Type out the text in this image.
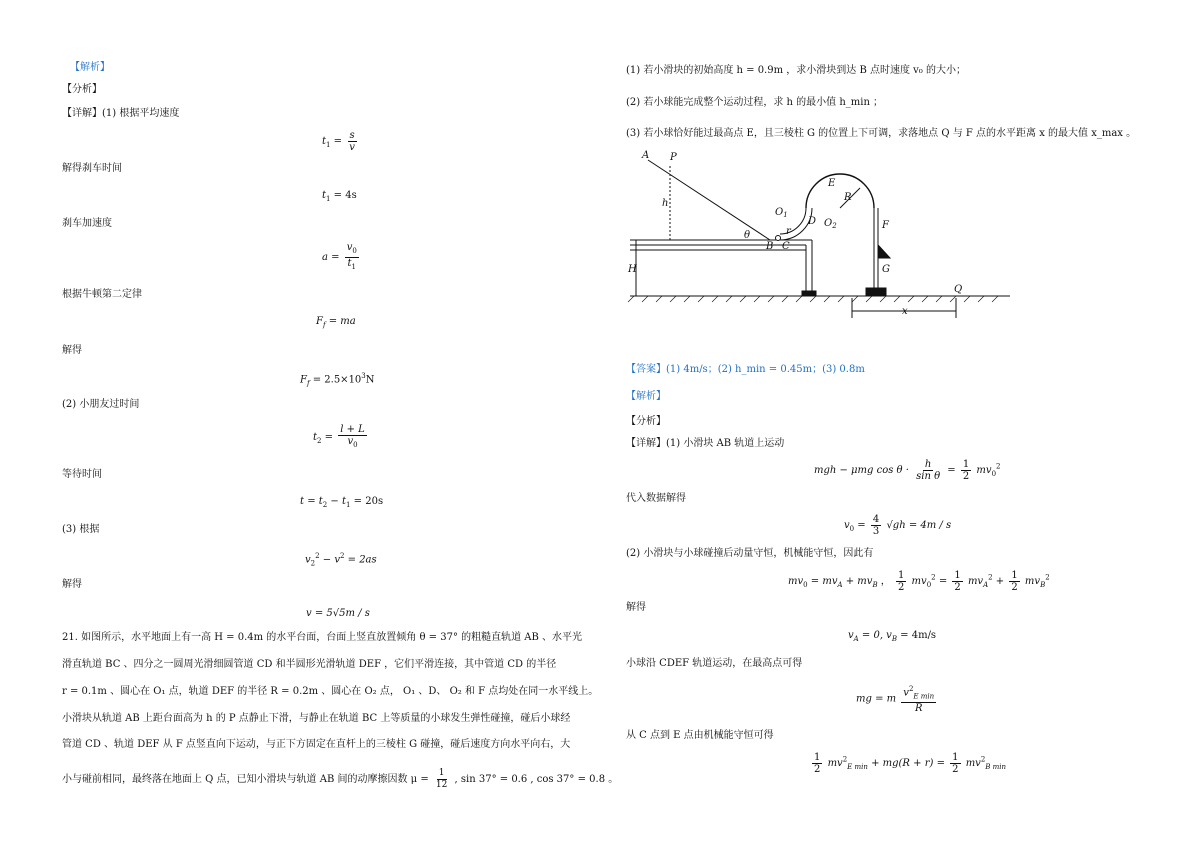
【解析】
【分析】
【详解】(1) 根据平均速度
$t_1 = \frac{s}{v}$
解得刹车时间
$t_1 = 4s$
刹车加速度
$a = \frac{v_0}{t_1}$
根据牛顿第二定律
$F_f$ = ma
解得
$F_f = 2.5\times 10^3N$
(2) 小朋友过时间
$t_2 = \frac{l + L}{v_0}$
等待时间
$t = t_2 - t_1 = 20s$
(3) 根据
$v_2^2 - v^2 = 2as$
解得
v = 5√5m / s
21. 如图所示，水平地面上有一高 H = 0.4m 的水平台面，台面上竖直放置倾角 θ = 37° 的粗糙直轨道 AB 、水平光
滑直轨道 BC 、四分之一圆周光滑细圆管道 CD 和半圆形光滑轨道 DEF ，它们平滑连接，其中管道 CD 的半径
r = 0.1m 、圆心在 O₁ 点，轨道 DEF 的半径 R = 0.2m 、圆心在 O₂ 点， O₁ 、D、 O₂ 和 F 点均处在同一水平线上。
小滑块从轨道 AB 上距台面高为 h 的 P 点静止下滑，与静止在轨道 BC 上等质量的小球发生弹性碰撞，碰后小球经
管道 CD 、轨道 DEF 从 F 点竖直向下运动，与正下方固定在直杆上的三棱柱 G 碰撞，碰后速度方向水平向右，大
小与碰前相同，最终落在地面上 Q 点，已知小滑块与轨道 AB 间的动摩擦因数 $\mu = \frac{1}{12}$ , sin 37° = 0.6 , cos 37° = 0.8 。
(1) 若小滑块的初始高度 h = 0.9m ，求小滑块到达 B 点时速度 v₀ 的大小；
(2) 若小球能完成整个运动过程，求 h 的最小值 h_min ；
(3) 若小球恰好能过最高点 E，且三棱柱 G 的位置上下可调，求落地点 Q 与 F 点的水平距离 x 的最大值 x_max 。
A P
h
H
θ
B C
$O_1$
r
D
E
R
$O_2$	F
G
Q
x
【答案】(1) 4m/s；(2) h_min = 0.45m；(3) 0.8m
【解析】
【分析】
【详解】(1) 小滑块 AB 轨道上运动
mgh − μmg $\cos \theta \cdot \frac{h}{\text{sin θ}} = \frac{1}{2} mv_0^2$
代入数据解得
$v_0 = \frac{4}{3} √gh = 4m / s$
(2) 小滑块与小球碰撞后动量守恒，机械能守恒，因此有
$mv_0 = mv_A + mv_B$ ， $\frac{1}{2} mv_0^2 = \frac{1}{2} mv_A^2 + \frac{1}{2} mv_B^2$
解得
$v_A = 0$, $v_B = 4m/s$
小球沿 CDEF 轨道运动，在最高点可得
mg = m $\frac{v^2_{E min}}{R}$
从 C 点到 E 点由机械能守恒可得
$\frac{1}{2} mv^2_{E min} + mg(R + r) = \frac{1}{2} mv^2_{B min}$
